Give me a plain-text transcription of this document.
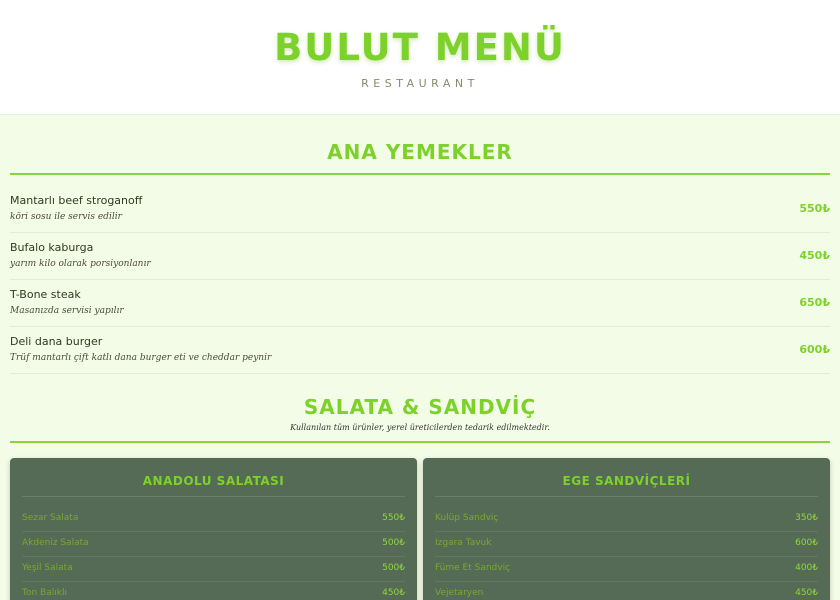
BULUT MENÜ
RESTAURANT
ANA YEMEKLER
Mantarlı beef stroganoff
köri sosu ile servis edilir
550₺
Bufalo kaburga
yarım kilo olarak porsiyonlanır
450₺
T-Bone steak
Masanızda servisi yapılır
650₺
Deli dana burger
Trüf mantarlı çift katlı dana burger eti ve cheddar peynir
600₺
SALATA & SANDVİÇ
Kullanılan tüm ürünler, yerel üreticilerden tedarik edilmektedir.
ANADOLU SALATASI
Sezar Salata	550₺
Akdeniz Salata	500₺
Yeşil Salata	500₺
Ton Balıklı	450₺
EGE SANDVİÇLERİ
Kulüp Sandviç	350₺
Izgara Tavuk	600₺
Füme Et Sandviç	400₺
Vejetaryen	450₺
